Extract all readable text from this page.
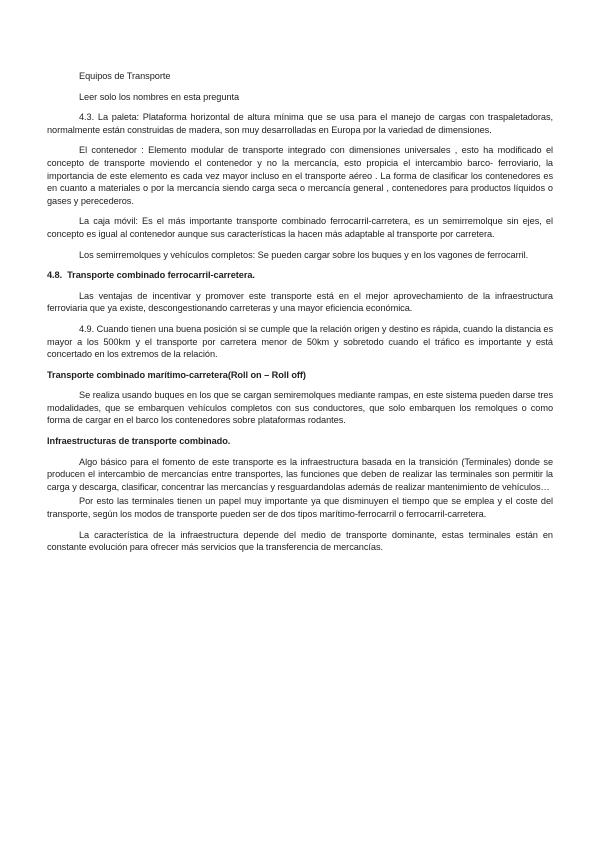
Equipos de Transporte

Leer solo los nombres en esta pregunta

4.3. La paleta: Plataforma horizontal de altura mínima que se usa para el manejo de cargas con traspaletadoras, normalmente están construidas de madera, son muy desarrolladas en Europa por la variedad de dimensiones.

El contenedor : Elemento modular de transporte integrado con dimensiones universales , esto ha modificado el concepto de transporte moviendo el contenedor y no la mercancía, esto propicia el intercambio barco- ferroviario, la importancia de este elemento es cada vez mayor incluso en el transporte aéreo . La forma de clasificar los contenedores es en cuanto a materiales o por la mercancía siendo carga seca o mercancía general , contenedores para productos líquidos o gases y perecederos.

La caja móvil: Es el más importante transporte combinado ferrocarril-carretera, es un semirremolque sin ejes, el concepto es igual al contenedor aunque sus características la hacen más adaptable al transporte por carretera.

Los semirremolques y vehículos completos: Se pueden cargar sobre los buques y en los vagones de ferrocarril.

4.8. Transporte combinado ferrocarril-carretera.

Las ventajas de incentivar y promover este transporte está en el mejor aprovechamiento de la infraestructura ferroviaria que ya existe, descongestionando carreteras y una mayor eficiencia económica.

4.9. Cuando tienen una buena posición si se cumple que la relación origen y destino es rápida, cuando la distancia es mayor a los 500km y el transporte por carretera menor de 50km y sobretodo cuando el tráfico es importante y está concertado en los extremos de la relación.

Transporte combinado marítimo-carretera(Roll on – Roll off)

Se realiza usando buques en los que se cargan semiremolques mediante rampas, en este sistema pueden darse tres modalidades, que se embarquen vehículos completos con sus conductores, que solo embarquen los remolques o como forma de cargar en el barco los contenedores sobre plataformas rodantes.

Infraestructuras de transporte combinado.

Algo básico para el fomento de este transporte es la infraestructura basada en la transición (Terminales) donde se producen el intercambio de mercancías entre transportes, las funciones que deben de realizar las terminales son permitir la carga y descarga, clasificar, concentrar las mercancías y resguardandolas además de realizar mantenimiento de vehículos…

Por esto las terminales tienen un papel muy importante ya que disminuyen el tiempo que se emplea y el coste del transporte, según los modos de transporte pueden ser de dos tipos marítimo-ferrocarril o ferrocarril-carretera.

La característica de la infraestructura depende del medio de transporte dominante, estas terminales están en constante evolución para ofrecer más servicios que la transferencia de mercancías.
